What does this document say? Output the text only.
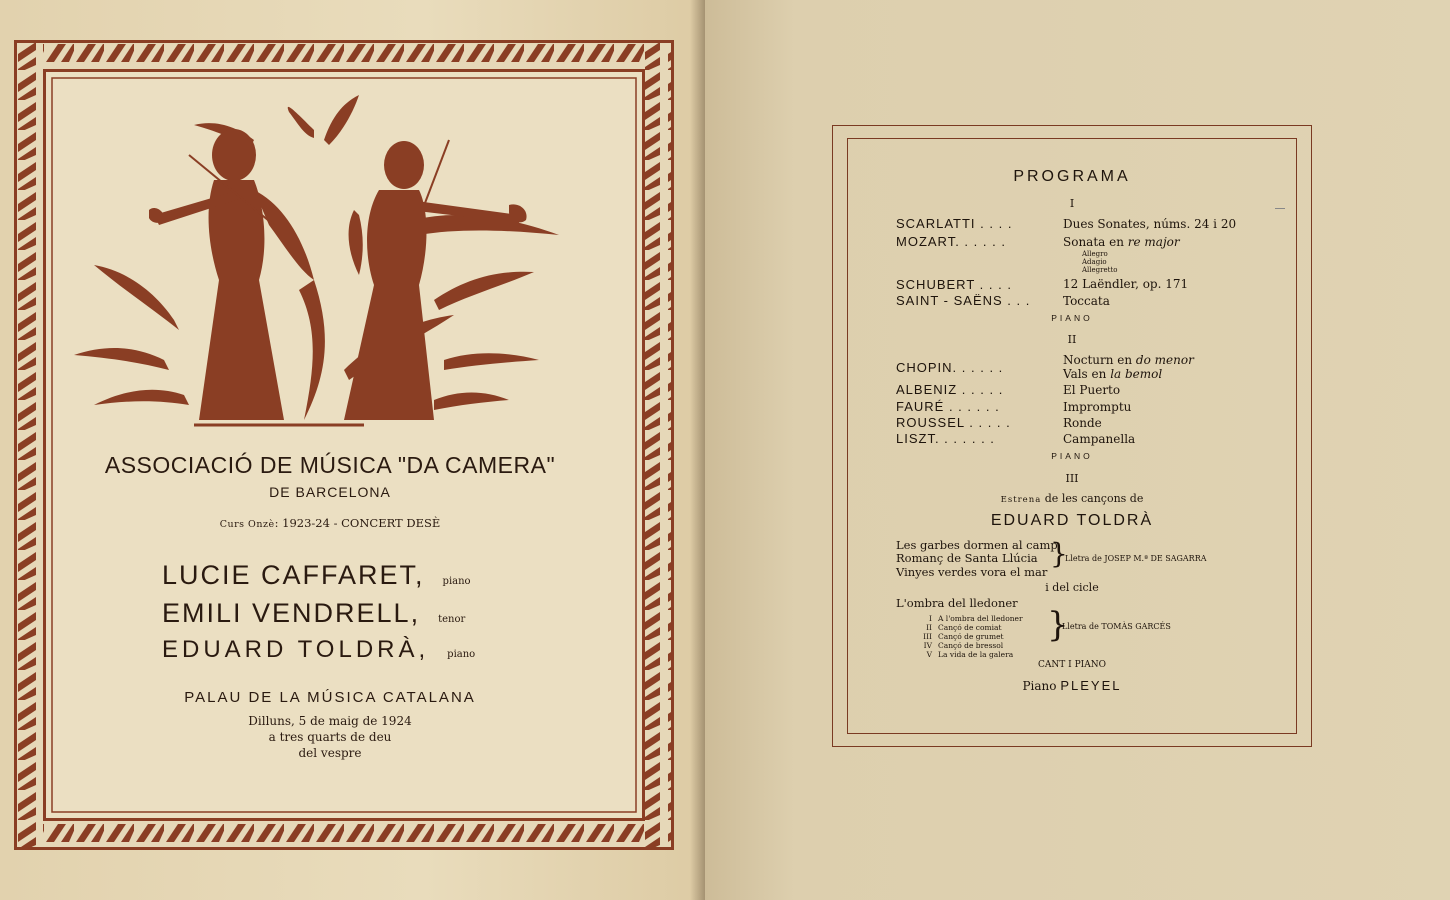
ASSOCIACIÓ DE MÚSICA "DA CAMERA"
DE BARCELONA
Curs Onzè: 1923-24 - CONCERT DESÈ
LUCIE CAFFARET, piano
EMILI VENDRELL, tenor
EDUARD TOLDRÀ, piano
PALAU DE LA MÚSICA CATALANA
Dilluns, 5 de maig de 1924
a tres quarts de deu
del vespre
PROGRAMA
I
SCARLATTI . . . .	Dues Sonates, núms. 24 i 20
MOZART. . . . . .	Sonata en re major
Allegro
Adagio
Allegretto
SCHUBERT . . . .	12 Laëndler, op. 171
SAINT - SAËNS . . .	Toccata
PIANO
II
CHOPIN. . . . . .	Nocturn en do menor
Vals en la bemol
ALBENIZ . . . . .	El Puerto
FAURÉ . . . . . .	Impromptu
ROUSSEL . . . . .	Ronde
LISZT. . . . . . .	Campanella
PIANO
III
Estrena de les cançons de
EDUARD TOLDRÀ
Les garbes dormen al camp
Romanç de Santa Llúcia
Vinyes verdes vora el mar
}
Lletra de JOSEP M.ª DE SAGARRA
i del cicle
L'ombra del lledoner
I A l'ombra del lledoner
II Cançó de comiat
III Cançó de grumet
IV Cançó de bressol
V La vida de la galera
}
Lletra de TOMÀS GARCÉS
CANT I PIANO
Piano PLEYEL
